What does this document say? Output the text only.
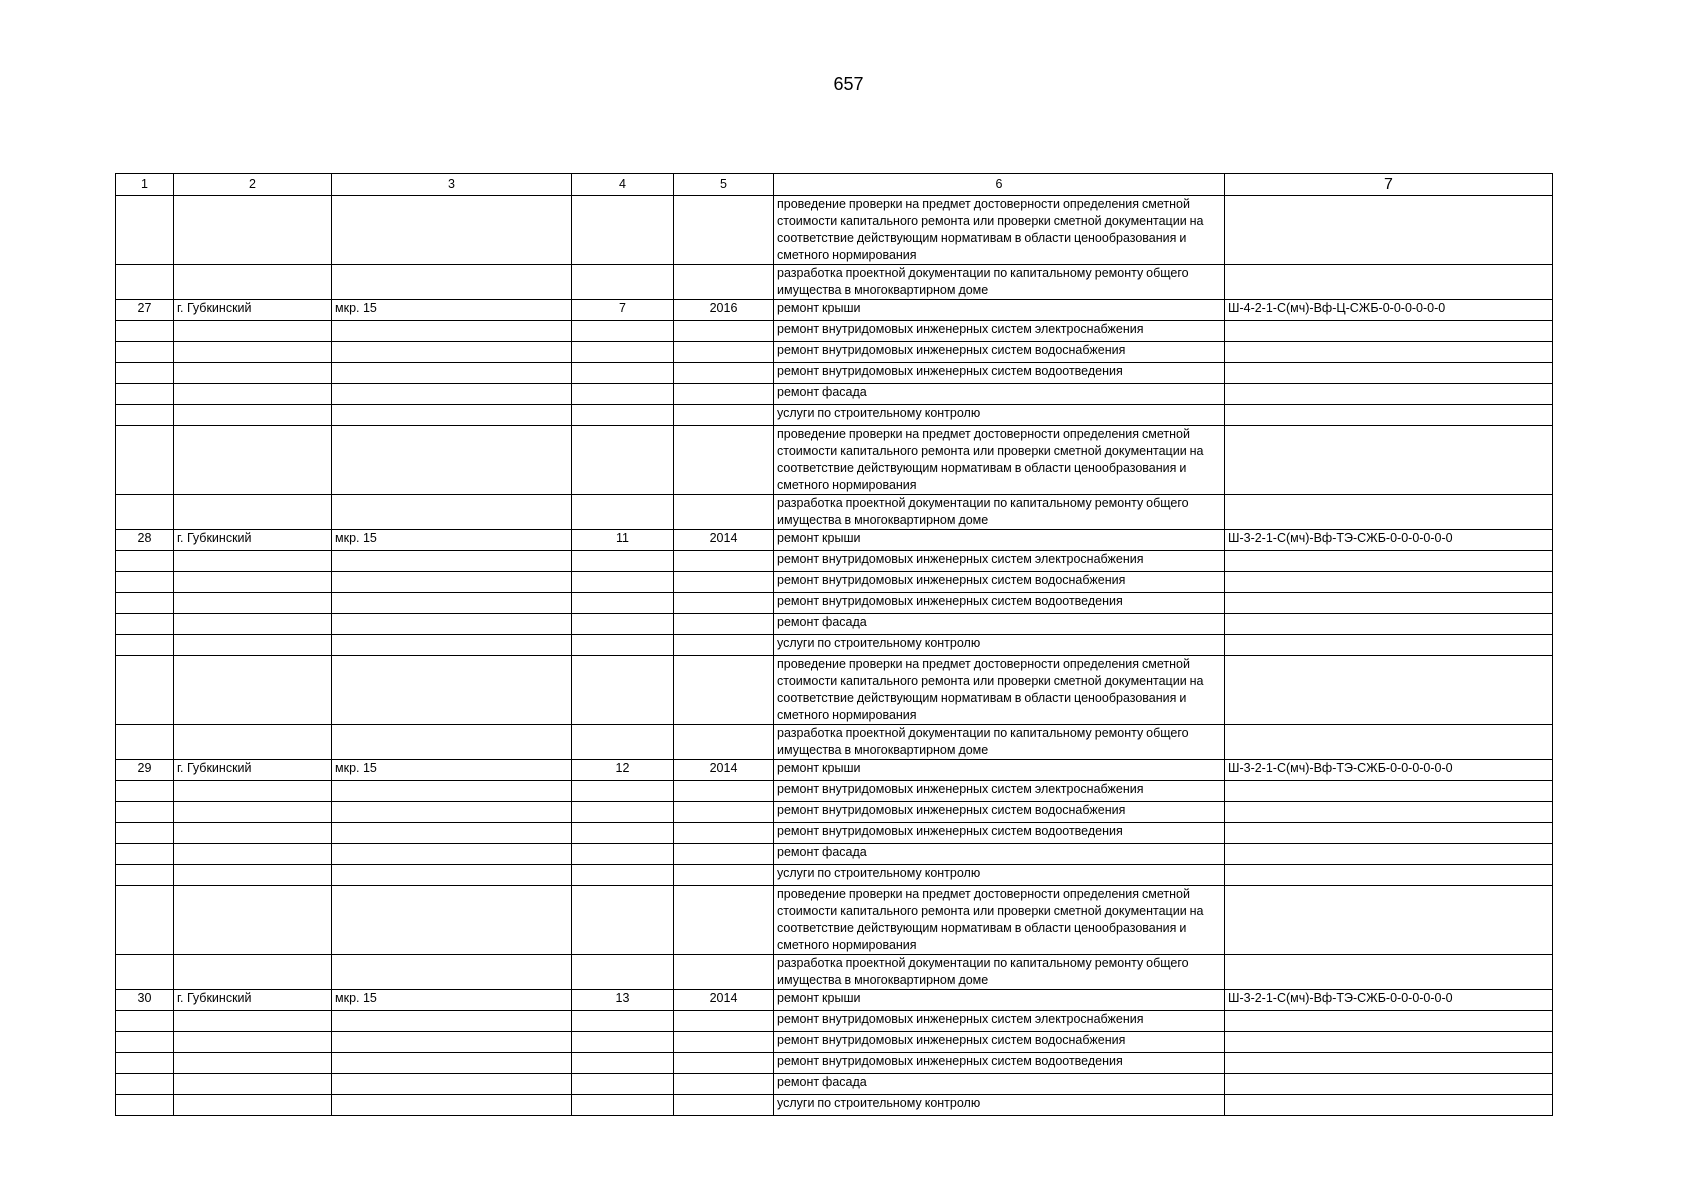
657
1	2	3	4	5	6	7
					проведение проверки на предмет достоверности определения сметной стоимости капитального ремонта или проверки сметной документации на соответствие действующим нормативам в области ценообразования и сметного нормирования	
					разработка проектной документации по капитальному ремонту общего имущества в многоквартирном доме	
27	г. Губкинский	мкр. 15	7	2016	ремонт крыши	Ш-4-2-1-С(мч)-Вф-Ц-СЖБ-0-0-0-0-0-0
					ремонт внутридомовых инженерных систем электроснабжения	
					ремонт внутридомовых инженерных систем водоснабжения	
					ремонт внутридомовых инженерных систем водоотведения	
					ремонт фасада	
					услуги по строительному контролю	
					проведение проверки на предмет достоверности определения сметной стоимости капитального ремонта или проверки сметной документации на соответствие действующим нормативам в области ценообразования и сметного нормирования	
					разработка проектной документации по капитальному ремонту общего имущества в многоквартирном доме	
28	г. Губкинский	мкр. 15	11	2014	ремонт крыши	Ш-3-2-1-С(мч)-Вф-ТЭ-СЖБ-0-0-0-0-0-0
					ремонт внутридомовых инженерных систем электроснабжения	
					ремонт внутридомовых инженерных систем водоснабжения	
					ремонт внутридомовых инженерных систем водоотведения	
					ремонт фасада	
					услуги по строительному контролю	
					проведение проверки на предмет достоверности определения сметной стоимости капитального ремонта или проверки сметной документации на соответствие действующим нормативам в области ценообразования и сметного нормирования	
					разработка проектной документации по капитальному ремонту общего имущества в многоквартирном доме	
29	г. Губкинский	мкр. 15	12	2014	ремонт крыши	Ш-3-2-1-С(мч)-Вф-ТЭ-СЖБ-0-0-0-0-0-0
					ремонт внутридомовых инженерных систем электроснабжения	
					ремонт внутридомовых инженерных систем водоснабжения	
					ремонт внутридомовых инженерных систем водоотведения	
					ремонт фасада	
					услуги по строительному контролю	
					проведение проверки на предмет достоверности определения сметной стоимости капитального ремонта или проверки сметной документации на соответствие действующим нормативам в области ценообразования и сметного нормирования	
					разработка проектной документации по капитальному ремонту общего имущества в многоквартирном доме	
30	г. Губкинский	мкр. 15	13	2014	ремонт крыши	Ш-3-2-1-С(мч)-Вф-ТЭ-СЖБ-0-0-0-0-0-0
					ремонт внутридомовых инженерных систем электроснабжения	
					ремонт внутридомовых инженерных систем водоснабжения	
					ремонт внутридомовых инженерных систем водоотведения	
					ремонт фасада	
					услуги по строительному контролю	
